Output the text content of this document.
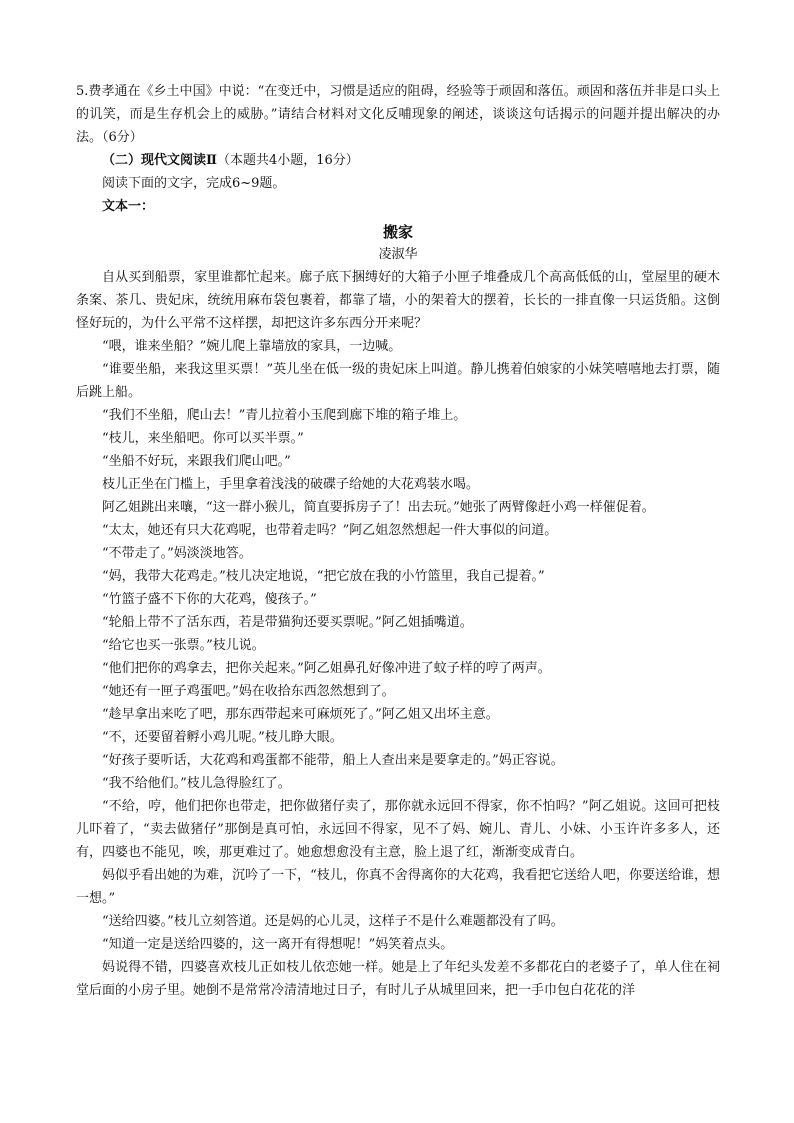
5.费孝通在《乡土中国》中说：“在变迁中，习惯是适应的阻碍，经验等于顽固和落伍。顽固和落伍并非是口头上的讥笑，而是生存机会上的威胁。”请结合材料对文化反哺现象的阐述，谈谈这句话揭示的问题并提出解决的办法。（6分）

（二）现代文阅读Ⅱ（本题共4小题，16分）

阅读下面的文字，完成6~9题。

文本一：

搬家
凌淑华

自从买到船票，家里谁都忙起来。廊子底下捆缚好的大箱子小匣子堆叠成几个高高低低的山，堂屋里的硬木条案、茶几、贵妃床，统统用麻布袋包裹着，都靠了墙，小的架着大的摆着，长长的一排直像一只运货船。这倒怪好玩的，为什么平常不这样摆，却把这许多东西分开来呢？

“喂，谁来坐船？”婉儿爬上靠墙放的家具，一边喊。

“谁要坐船，来我这里买票！”英儿坐在低一级的贵妃床上叫道。静儿携着伯娘家的小妹笑嘻嘻地去打票，随后跳上船。

“我们不坐船，爬山去！”青儿拉着小玉爬到廊下堆的箱子堆上。

“枝儿，来坐船吧。你可以买半票。”

“坐船不好玩，来跟我们爬山吧。”

枝儿正坐在门槛上，手里拿着浅浅的破碟子给她的大花鸡装水喝。

阿乙姐跳出来嚷，“这一群小猴儿，简直要拆房子了！出去玩。”她张了两臂像赶小鸡一样催促着。

“太太，她还有只大花鸡呢，也带着走吗？”阿乙姐忽然想起一件大事似的问道。

“不带走了。”妈淡淡地答。

“妈，我带大花鸡走。”枝儿决定地说，“把它放在我的小竹篮里，我自己提着。”

“竹篮子盛不下你的大花鸡，傻孩子。”

“轮船上带不了活东西，若是带猫狗还要买票呢。”阿乙姐插嘴道。

“给它也买一张票。”枝儿说。

“他们把你的鸡拿去，把你关起来。”阿乙姐鼻孔好像冲进了蚊子样的哼了两声。

“她还有一匣子鸡蛋吧。”妈在收拾东西忽然想到了。

“趁早拿出来吃了吧，那东西带起来可麻烦死了。”阿乙姐又出坏主意。

“不，还要留着孵小鸡儿呢。”枝儿睁大眼。

“好孩子要听话，大花鸡和鸡蛋都不能带，船上人查出来是要拿走的。”妈正容说。

“我不给他们。”枝儿急得脸红了。

“不给，哼，他们把你也带走，把你做猪仔卖了，那你就永远回不得家，你不怕吗？”阿乙姐说。这回可把枝儿吓着了，“卖去做猪仔”那倒是真可怕，永远回不得家，见不了妈、婉儿、青儿、小妹、小玉许许多多人，还有，四婆也不能见，唉，那更难过了。她愈想愈没有主意，脸上退了红，渐渐变成青白。

妈似乎看出她的为难，沉吟了一下，“枝儿，你真不舍得离你的大花鸡，我看把它送给人吧，你要送给谁，想一想。”

“送给四婆。”枝儿立刻答道。还是妈的心儿灵，这样子不是什么难题都没有了吗。

“知道一定是送给四婆的，这一离开有得想呢！”妈笑着点头。

妈说得不错，四婆喜欢枝儿正如枝儿依恋她一样。她是上了年纪头发差不多都花白的老婆子了，单人住在祠堂后面的小房子里。她倒不是常常冷清清地过日子，有时儿子从城里回来，把一手巾包白花花的洋
